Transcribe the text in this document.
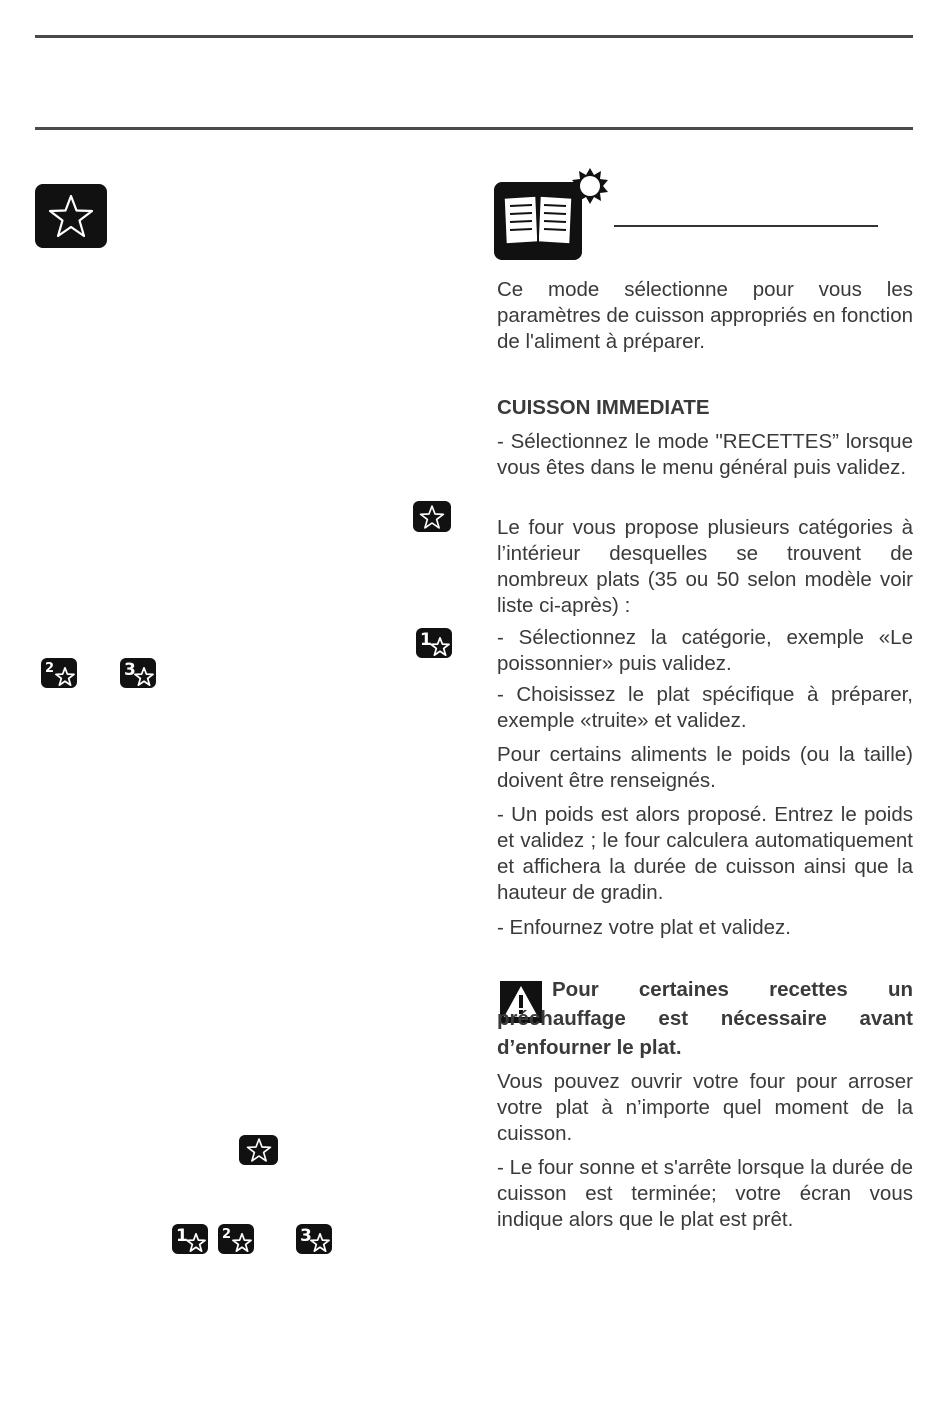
1
2	3
1	2	3

Ce mode sélectionne pour vous les paramètres de cuisson appropriés en fonction de l'aliment à préparer.

CUISSON IMMEDIATE

- Sélectionnez le mode "RECETTES” lorsque vous êtes dans le menu général puis validez.

Le four vous propose plusieurs catégories à l’intérieur desquelles se trouvent de nombreux plats (35 ou 50 selon modèle voir liste ci-après) :

- Sélectionnez la catégorie, exemple «Le poissonnier» puis validez.

- Choisissez le plat spécifique à préparer, exemple «truite» et validez.

Pour certains aliments le poids (ou la taille) doivent être renseignés.

- Un poids est alors proposé. Entrez le poids et validez ; le four calculera automatiquement et affichera la durée de cuisson ainsi que la hauteur de gradin.

- Enfournez votre plat et validez.

Pour certaines recettes un préchauffage est nécessaire avant d’enfourner le plat.

Vous pouvez ouvrir votre four pour arroser votre plat à n’importe quel moment de la cuisson.

- Le four sonne et s'arrête lorsque la durée de cuisson est terminée; votre écran vous indique alors que le plat est prêt.
